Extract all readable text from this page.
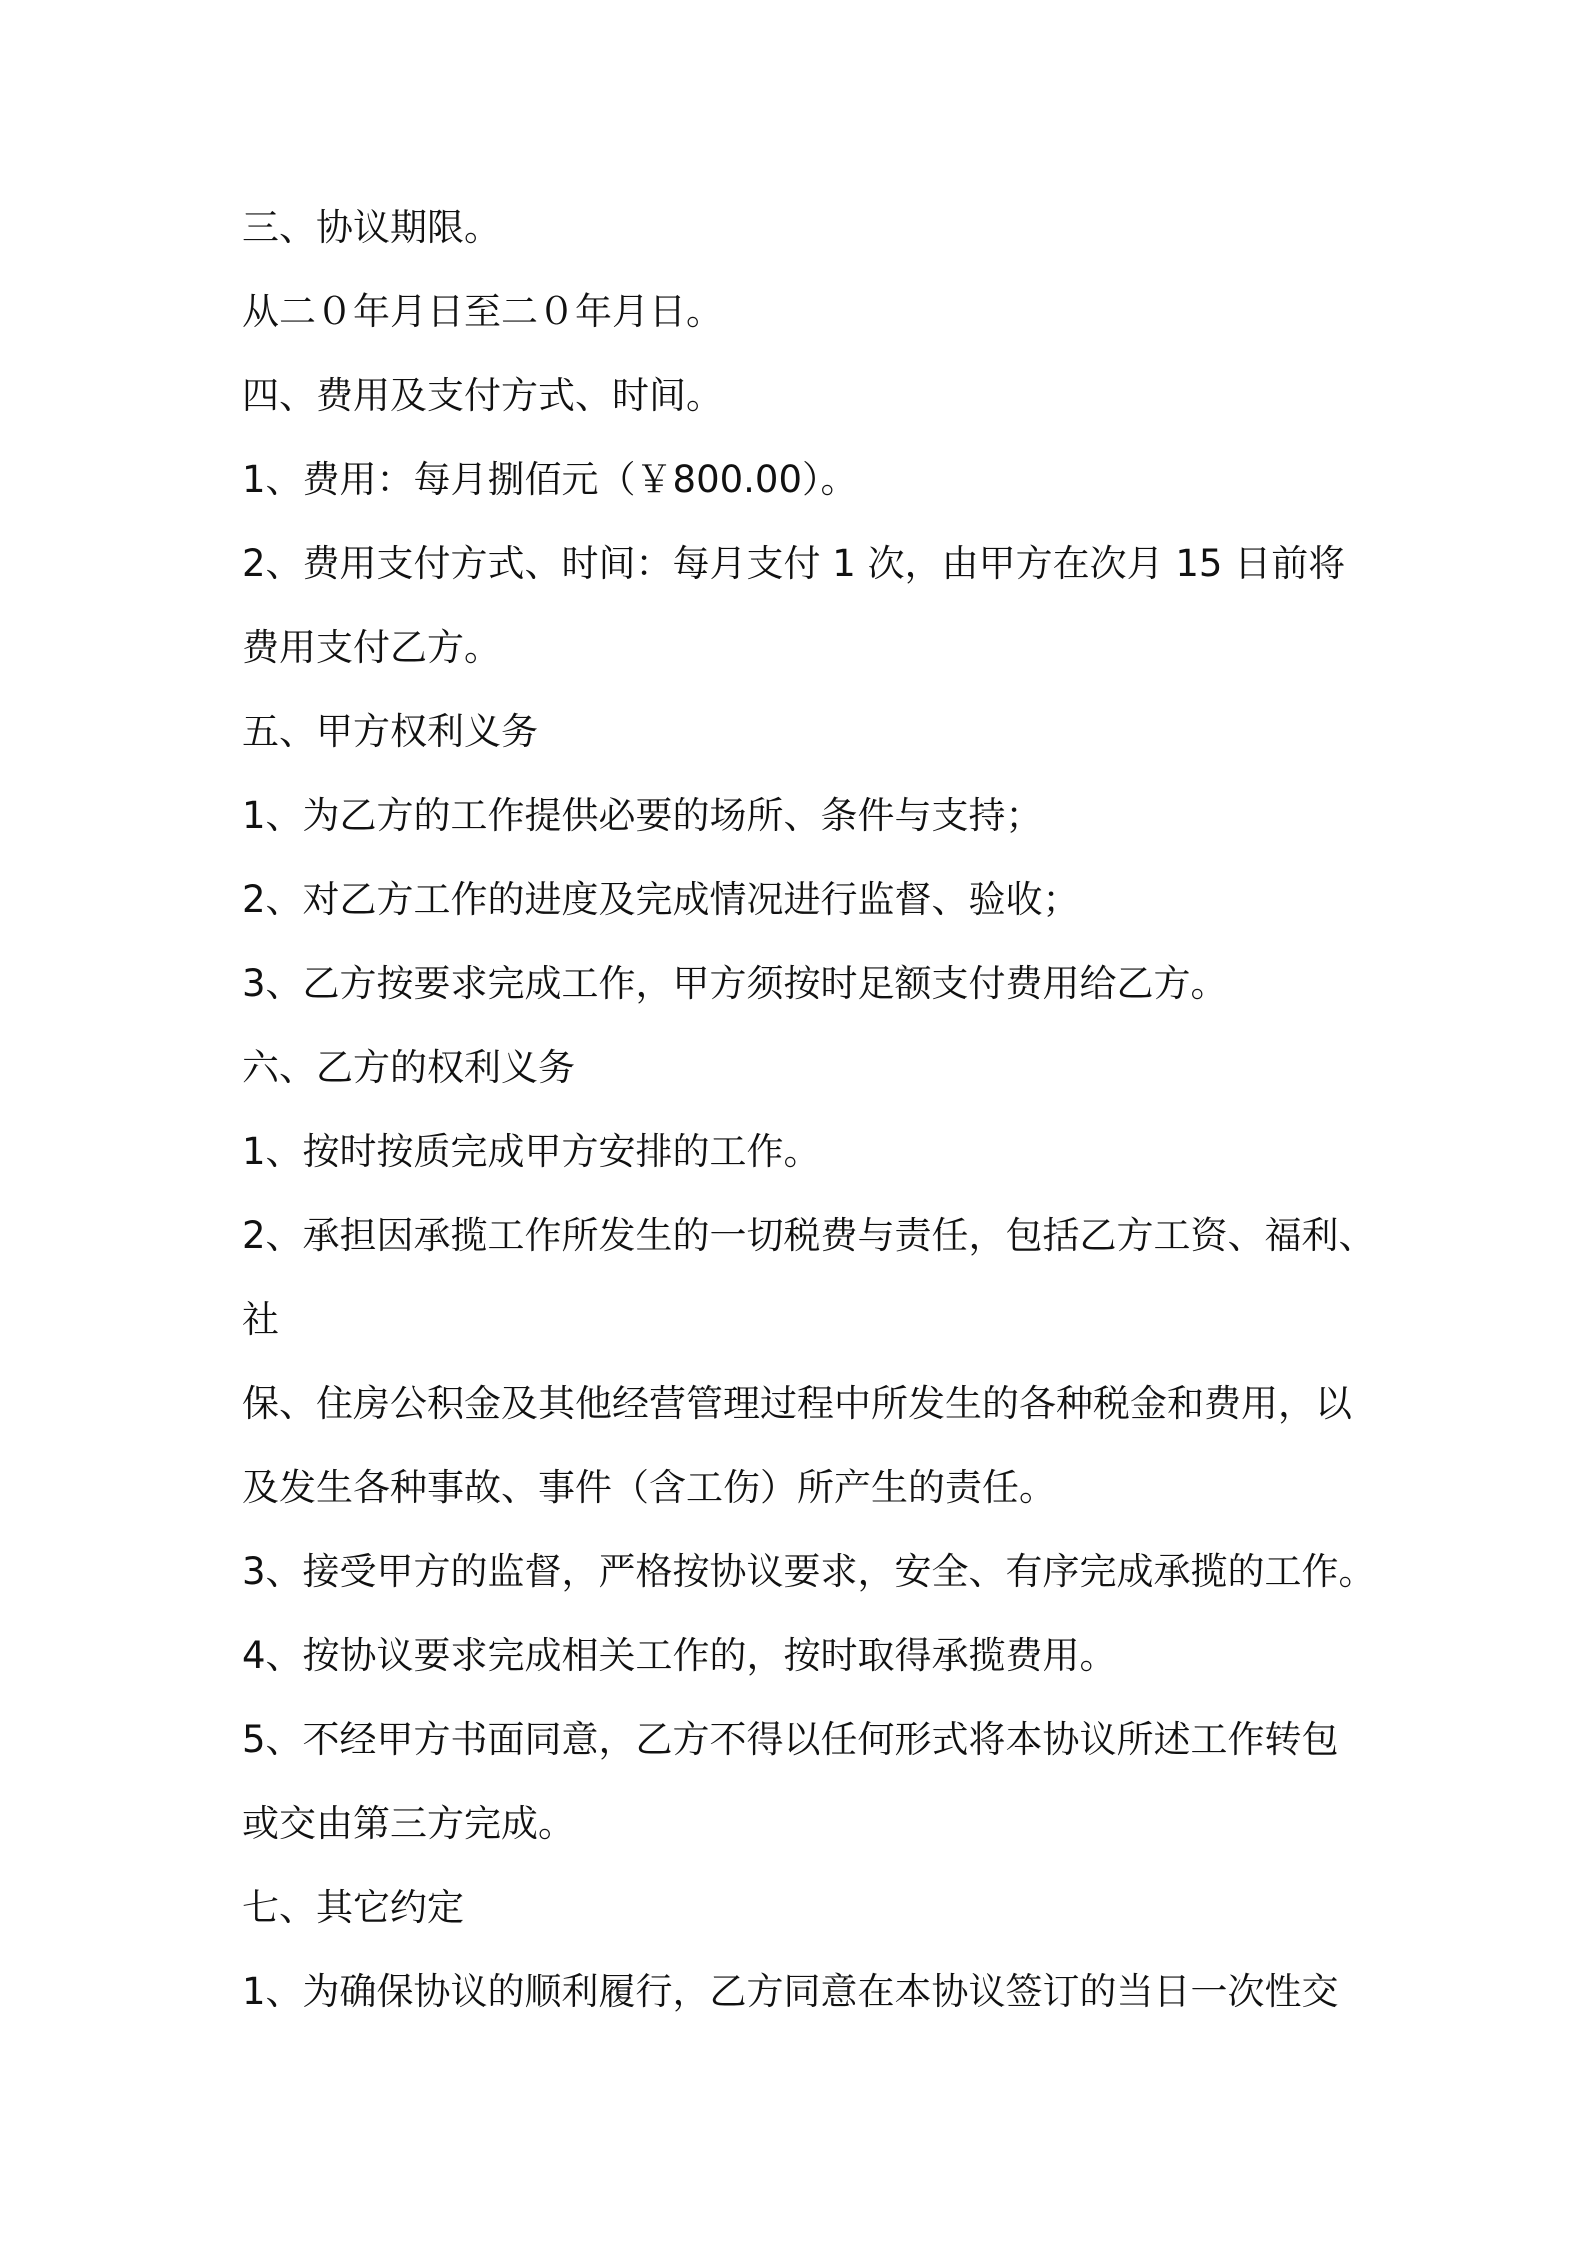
三、协议期限。
从二０年月日至二０年月日。
四、费用及支付方式、时间。
1、费用：每月捌佰元（￥800.00）。
2、费用支付方式、时间：每月支付 1 次，由甲方在次月 15 日前将
费用支付乙方。
五、甲方权利义务
1、为乙方的工作提供必要的场所、条件与支持；
2、对乙方工作的进度及完成情况进行监督、验收；
3、乙方按要求完成工作，甲方须按时足额支付费用给乙方。
六、乙方的权利义务
1、按时按质完成甲方安排的工作。
2、承担因承揽工作所发生的一切税费与责任，包括乙方工资、福利、
社
保、住房公积金及其他经营管理过程中所发生的各种税金和费用，以
及发生各种事故、事件（含工伤）所产生的责任。
3、接受甲方的监督，严格按协议要求，安全、有序完成承揽的工作。
4、按协议要求完成相关工作的，按时取得承揽费用。
5、不经甲方书面同意，乙方不得以任何形式将本协议所述工作转包
或交由第三方完成。
七、其它约定
1、为确保协议的顺利履行，乙方同意在本协议签订的当日一次性交
